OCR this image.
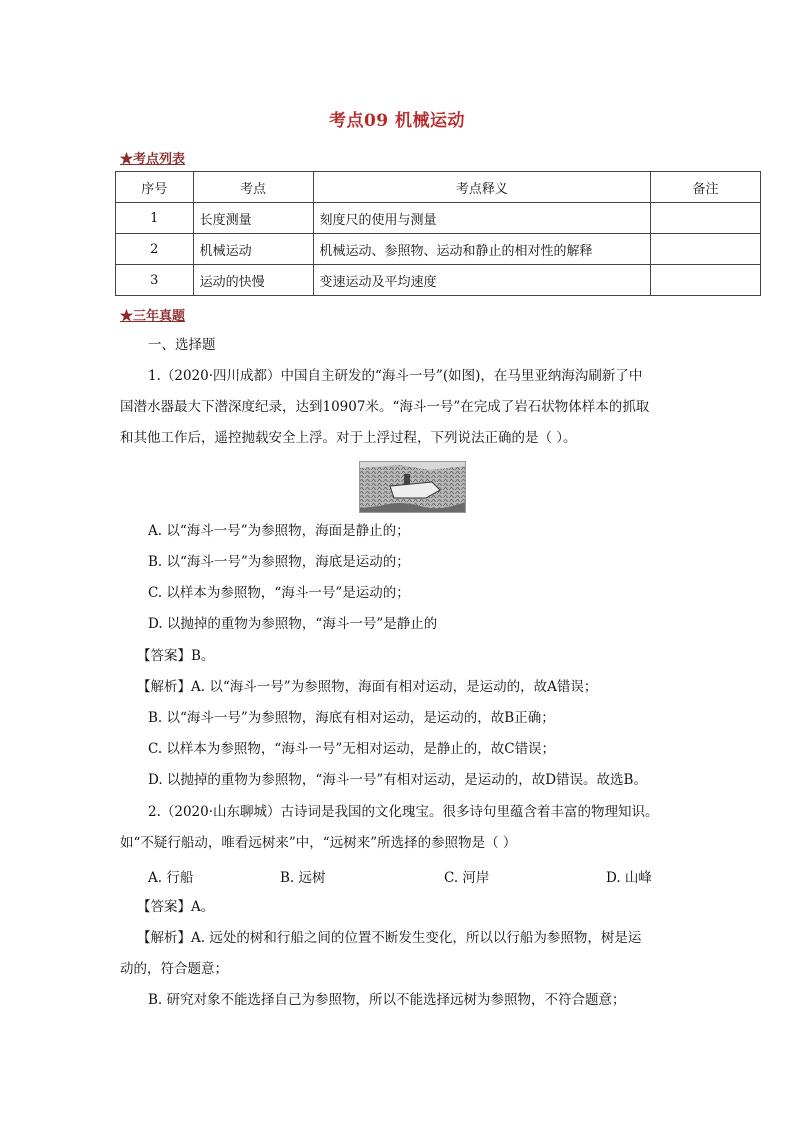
考点09 机械运动
★考点列表
序号	考点	考点释义	备注
1	长度测量	刻度尺的使用与测量	
2	机械运动	机械运动、参照物、运动和静止的相对性的解释	
3	运动的快慢	变速运动及平均速度	
★三年真题
一、选择题
1.（2020·四川成都）中国自主研发的“海斗一号”(如图)，在马里亚纳海沟刷新了中
国潜水器最大下潜深度纪录，达到10907米。“海斗一号”在完成了岩石状物体样本的抓取
和其他工作后，遥控抛载安全上浮。对于上浮过程，下列说法正确的是（ ）。
A. 以“海斗一号”为参照物，海面是静止的；
B. 以“海斗一号”为参照物，海底是运动的；
C. 以样本为参照物，“海斗一号”是运动的；
D. 以抛掉的重物为参照物，“海斗一号”是静止的
【答案】B。
【解析】A. 以“海斗一号”为参照物，海面有相对运动，是运动的，故A错误；
B. 以“海斗一号”为参照物，海底有相对运动，是运动的，故B正确；
C. 以样本为参照物，“海斗一号”无相对运动，是静止的，故C错误；
D. 以抛掉的重物为参照物，“海斗一号”有相对运动，是运动的，故D错误。故选B。
2.（2020·山东聊城）古诗词是我国的文化瑰宝。很多诗句里蕴含着丰富的物理知识。
如“不疑行船动，唯看远树来”中，“远树来”所选择的参照物是（ ）
A. 行船	B. 远树	C. 河岸	D. 山峰
【答案】A。
【解析】A. 远处的树和行船之间的位置不断发生变化，所以以行船为参照物，树是运
动的，符合题意；
B. 研究对象不能选择自己为参照物，所以不能选择远树为参照物，不符合题意；
